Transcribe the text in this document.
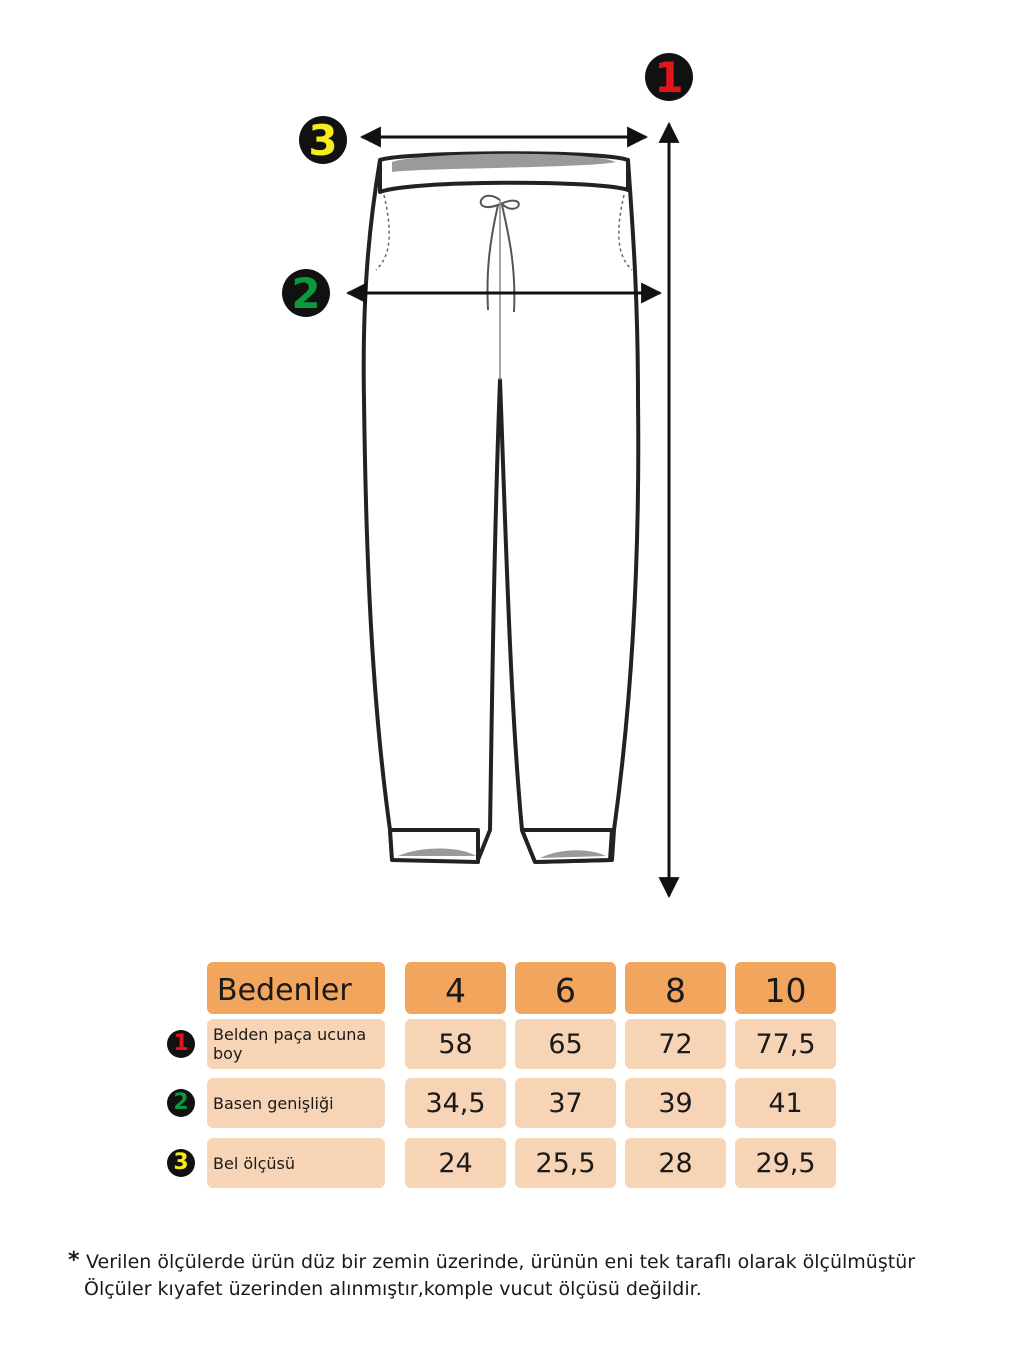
1
3
2
Bedenler	4	6	8	10
1	Belden paça ucuna boy	58	65	72	77,5
2	Basen genişliği	34,5	37	39	41
3	Bel ölçüsü	24	25,5	28	29,5
* Verilen ölçülerde ürün düz bir zemin üzerinde, ürünün eni tek taraflı olarak ölçülmüştür
Ölçüler kıyafet üzerinden alınmıştır,komple vucut ölçüsü değildir.
